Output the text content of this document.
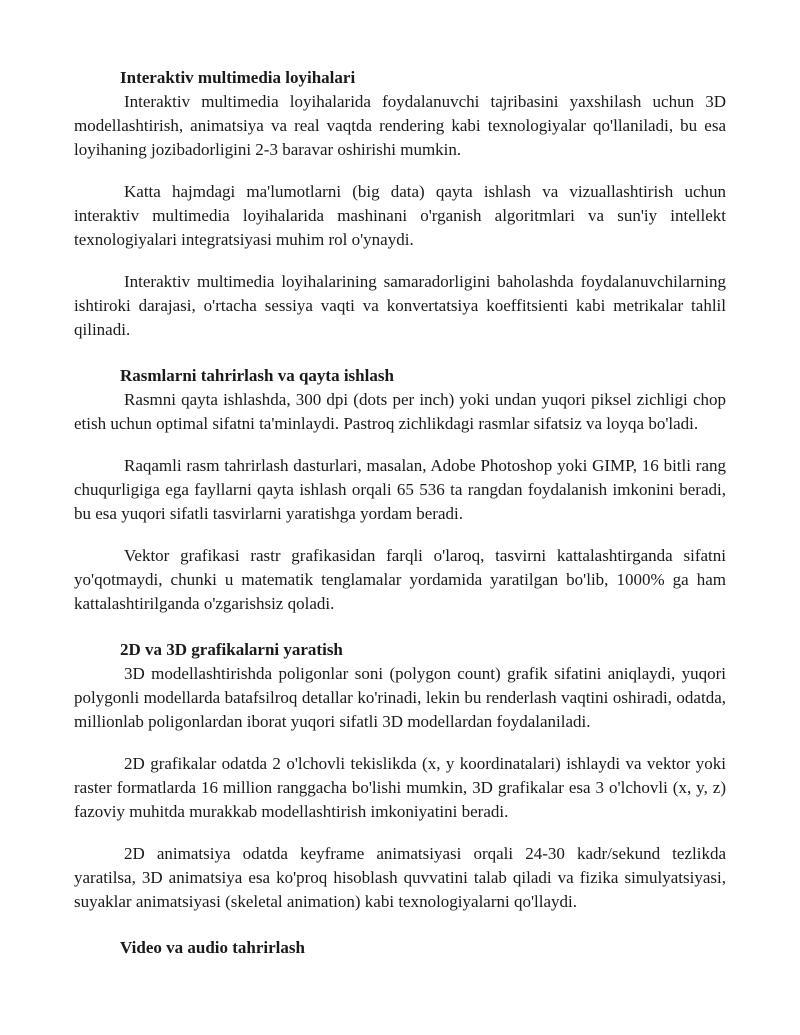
Interaktiv multimedia loyihalari

Interaktiv multimedia loyihalarida foydalanuvchi tajribasini yaxshilash uchun 3D modellashtirish, animatsiya va real vaqtda rendering kabi texnologiyalar qo'llaniladi, bu esa loyihaning jozibadorligini 2-3 baravar oshirishi mumkin.

Katta hajmdagi ma'lumotlarni (big data) qayta ishlash va vizuallashtirish uchun interaktiv multimedia loyihalarida mashinani o'rganish algoritmlari va sun'iy intellekt texnologiyalari integratsiyasi muhim rol o'ynaydi.

Interaktiv multimedia loyihalarining samaradorligini baholashda foydalanuvchilarning ishtiroki darajasi, o'rtacha sessiya vaqti va konvertatsiya koeffitsienti kabi metrikalar tahlil qilinadi.

Rasmlarni tahrirlash va qayta ishlash

Rasmni qayta ishlashda, 300 dpi (dots per inch) yoki undan yuqori piksel zichligi chop etish uchun optimal sifatni ta'minlaydi. Pastroq zichlikdagi rasmlar sifatsiz va loyqa bo'ladi.

Raqamli rasm tahrirlash dasturlari, masalan, Adobe Photoshop yoki GIMP, 16 bitli rang chuqurligiga ega fayllarni qayta ishlash orqali 65 536 ta rangdan foydalanish imkonini beradi, bu esa yuqori sifatli tasvirlarni yaratishga yordam beradi.

Vektor grafikasi rastr grafikasidan farqli o'laroq, tasvirni kattalashtirganda sifatni yo'qotmaydi, chunki u matematik tenglamalar yordamida yaratilgan bo'lib, 1000% ga ham kattalashtirilganda o'zgarishsiz qoladi.

2D va 3D grafikalarni yaratish

3D modellashtirishda poligonlar soni (polygon count) grafik sifatini aniqlaydi, yuqori polygonli modellarda batafsilroq detallar ko'rinadi, lekin bu renderlash vaqtini oshiradi, odatda, millionlab poligonlardan iborat yuqori sifatli 3D modellardan foydalaniladi.

2D grafikalar odatda 2 o'lchovli tekislikda (x, y koordinatalari) ishlaydi va vektor yoki raster formatlarda 16 million ranggacha bo'lishi mumkin, 3D grafikalar esa 3 o'lchovli (x, y, z) fazoviy muhitda murakkab modellashtirish imkoniyatini beradi.

2D animatsiya odatda keyframe animatsiyasi orqali 24-30 kadr/sekund tezlikda yaratilsa, 3D animatsiya esa ko'proq hisoblash quvvatini talab qiladi va fizika simulyatsiyasi, suyaklar animatsiyasi (skeletal animation) kabi texnologiyalarni qo'llaydi.

Video va audio tahrirlash
